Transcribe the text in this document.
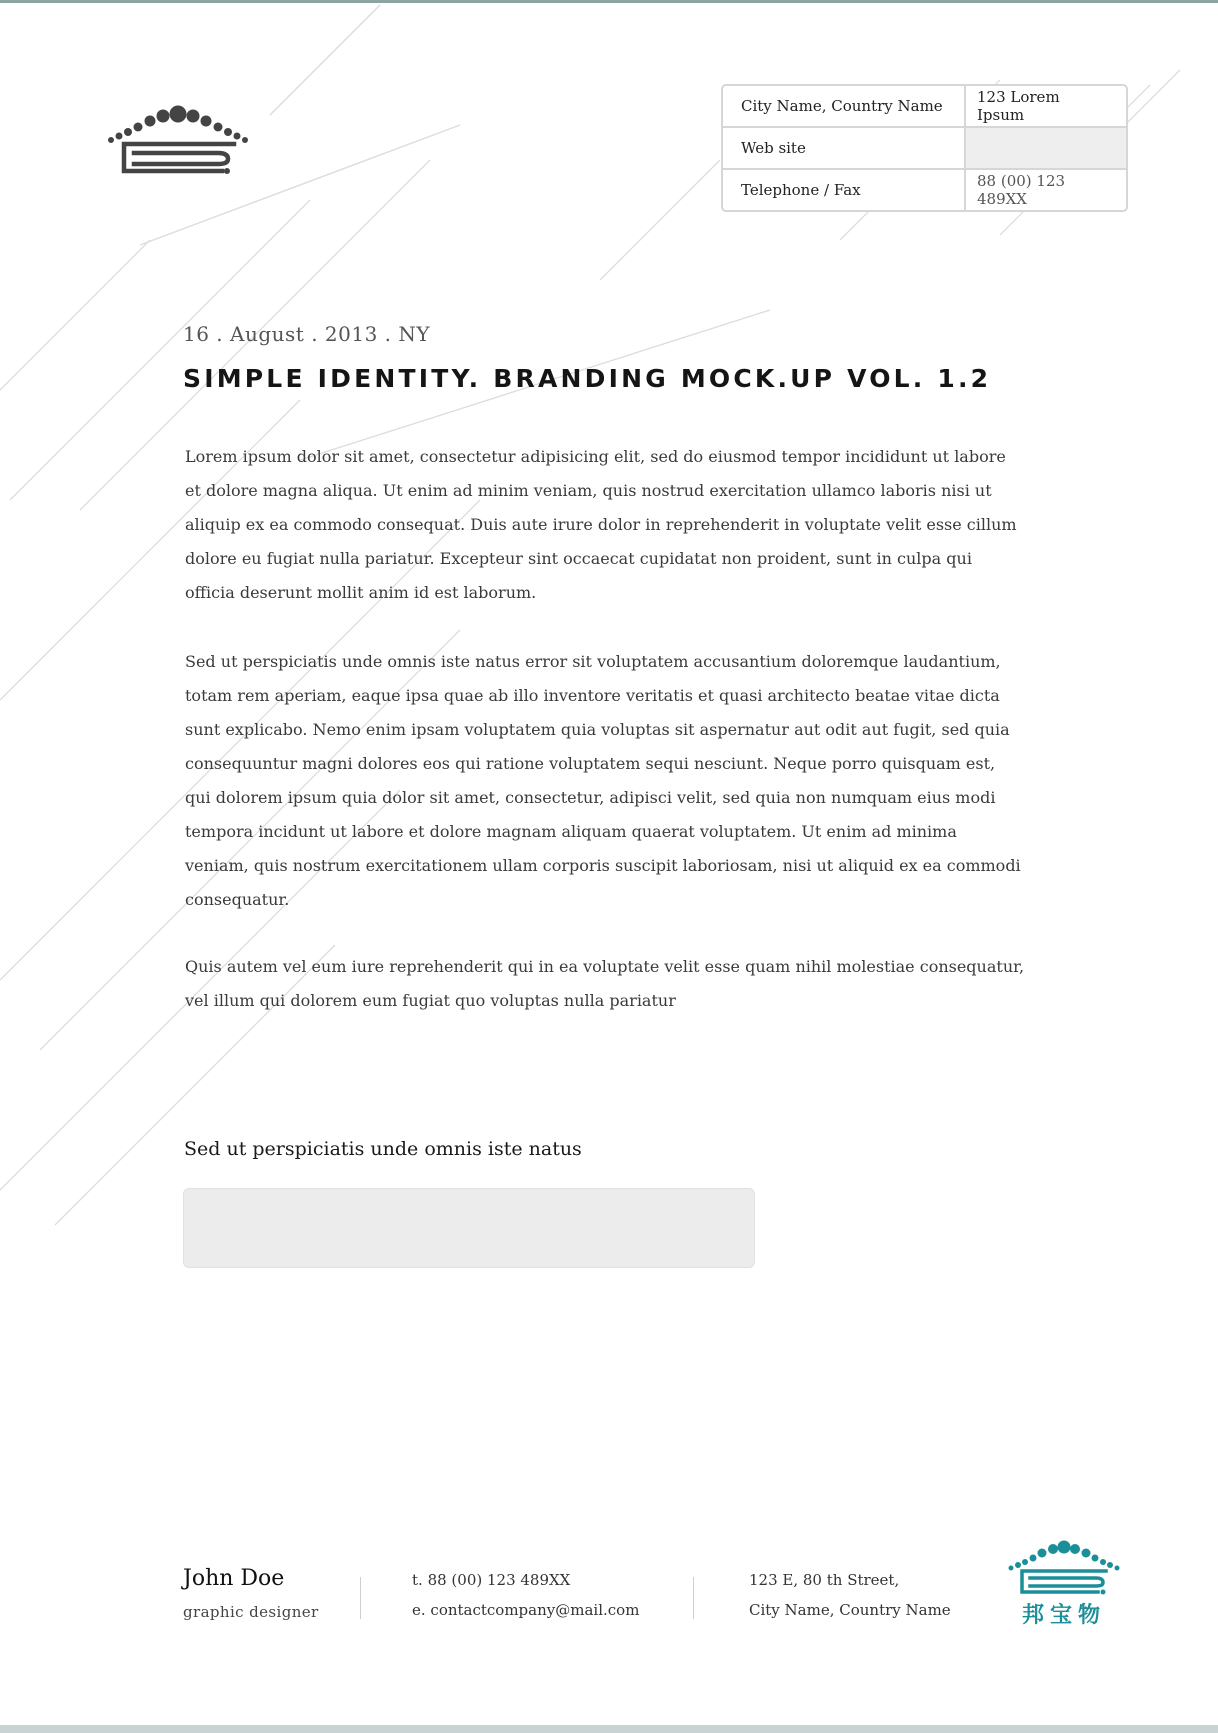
City Name, Country Name	123 Lorem Ipsum
Web site	
Telephone / Fax	88 (00) 123 489XX
16 . August . 2013 . NY
SIMPLE IDENTITY. BRANDING MOCK.UP VOL. 1.2

Lorem ipsum dolor sit amet, consectetur adipisicing elit, sed do eiusmod tempor incididunt ut labore et dolore magna aliqua. Ut enim ad minim veniam, quis nostrud exercitation ullamco laboris nisi ut aliquip ex ea commodo consequat. Duis aute irure dolor in reprehenderit in voluptate velit esse cillum dolore eu fugiat nulla pariatur. Excepteur sint occaecat cupidatat non proident, sunt in culpa qui officia deserunt mollit anim id est laborum.

Sed ut perspiciatis unde omnis iste natus error sit voluptatem accusantium doloremque laudantium, totam rem aperiam, eaque ipsa quae ab illo inventore veritatis et quasi architecto beatae vitae dicta sunt explicabo. Nemo enim ipsam voluptatem quia voluptas sit aspernatur aut odit aut fugit, sed quia consequuntur magni dolores eos qui ratione voluptatem sequi nesciunt. Neque porro quisquam est, qui dolorem ipsum quia dolor sit amet, consectetur, adipisci velit, sed quia non numquam eius modi tempora incidunt ut labore et dolore magnam aliquam quaerat voluptatem. Ut enim ad minima veniam, quis nostrum exercitationem ullam corporis suscipit laboriosam, nisi ut aliquid ex ea commodi consequatur.

Quis autem vel eum iure reprehenderit qui in ea voluptate velit esse quam nihil molestiae consequatur, vel illum qui dolorem eum fugiat quo voluptas nulla pariatur

Sed ut perspiciatis unde omnis iste natus
John Doe
graphic designer
t. 88 (00) 123 489XX
e. contactcompany@mail.com
123 E, 80 th Street,
City Name, Country Name	邦宝物
